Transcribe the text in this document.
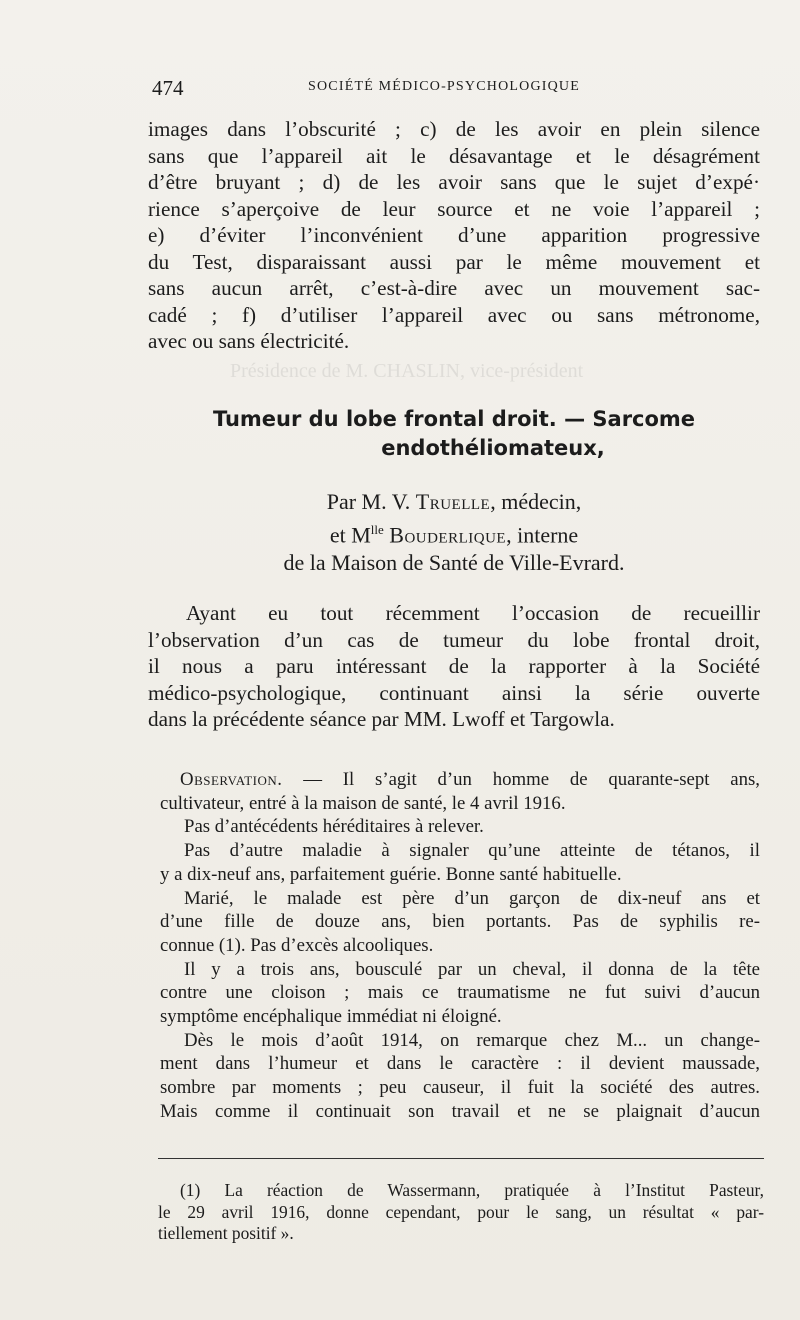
Présidence de M. CHASLIN, vice-président
474	SOCIÉTÉ MÉDICO-PSYCHOLOGIQUE
images dans l’obscurité ; c) de les avoir en plein silence
sans que l’appareil ait le désavantage et le désagrément
d’être bruyant ; d) de les avoir sans que le sujet d’expé·
rience s’aperçoive de leur source et ne voie l’appareil ;
e) d’éviter l’inconvénient d’une apparition progressive
du Test, disparaissant aussi par le même mouvement et
sans aucun arrêt, c’est-à-dire avec un mouvement sac-
cadé ; f) d’utiliser l’appareil avec ou sans métronome,
avec ou sans électricité.
Tumeur du lobe frontal droit. — Sarcome
endothéliomateux,
Par M. V. Truelle, médecin,
et $M^{lle}$ Bouderlique, interne
de la Maison de Santé de Ville-Evrard.
Ayant eu tout récemment l’occasion de recueillir
l’observation d’un cas de tumeur du lobe frontal droit,
il nous a paru intéressant de la rapporter à la Société
médico-psychologique, continuant ainsi la série ouverte
dans la précédente séance par MM. Lwoff et Targowla.
Observation. — Il s’agit d’un homme de quarante-sept ans,
cultivateur, entré à la maison de santé, le 4 avril 1916.
Pas d’antécédents héréditaires à relever.
Pas d’autre maladie à signaler qu’une atteinte de tétanos, il
y a dix-neuf ans, parfaitement guérie. Bonne santé habituelle.
Marié, le malade est père d’un garçon de dix-neuf ans et
d’une fille de douze ans, bien portants. Pas de syphilis re-
connue (1). Pas d’excès alcooliques.
Il y a trois ans, bousculé par un cheval, il donna de la tête
contre une cloison ; mais ce traumatisme ne fut suivi d’aucun
symptôme encéphalique immédiat ni éloigné.
Dès le mois d’août 1914, on remarque chez M... un change-
ment dans l’humeur et dans le caractère : il devient maussade,
sombre par moments ; peu causeur, il fuit la société des autres.
Mais comme il continuait son travail et ne se plaignait d’aucun
(1) La réaction de Wassermann, pratiquée à l’Institut Pasteur,
le 29 avril 1916, donne cependant, pour le sang, un résultat « par-
tiellement positif ».
